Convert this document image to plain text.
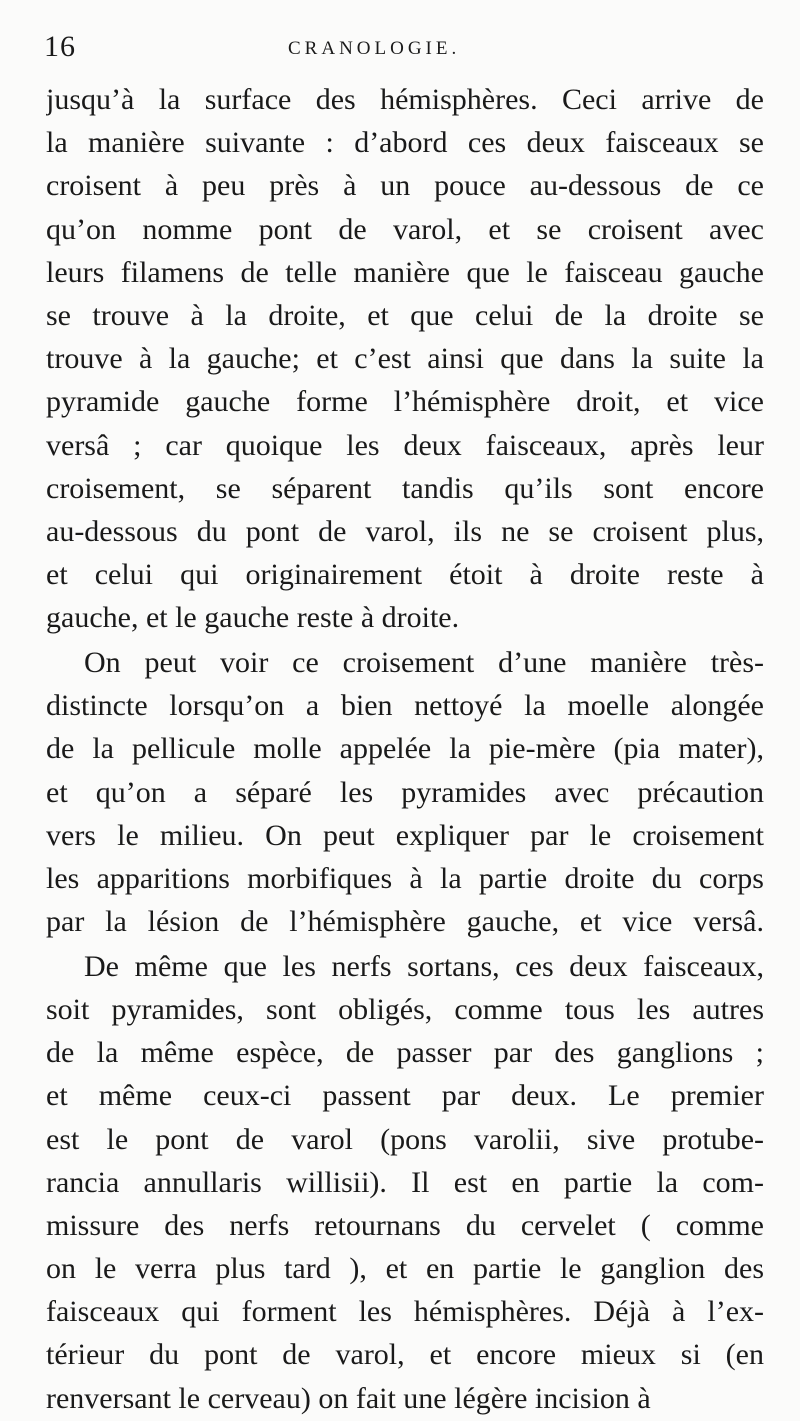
16	CRANOLOGIE.

jusqu’à la surface des hémisphères. Ceci arrive de
la manière suivante : d’abord ces deux faisceaux se
croisent à peu près à un pouce au-dessous de ce
qu’on nomme pont de varol, et se croisent avec
leurs filamens de telle manière que le faisceau gauche
se trouve à la droite, et que celui de la droite se
trouve à la gauche; et c’est ainsi que dans la suite la
pyramide gauche forme l’hémisphère droit, et vice
versâ ; car quoique les deux faisceaux, après leur
croisement, se séparent tandis qu’ils sont encore
au-dessous du pont de varol, ils ne se croisent plus,
et celui qui originairement étoit à droite reste à
gauche, et le gauche reste à droite.

On peut voir ce croisement d’une manière très-
distincte lorsqu’on a bien nettoyé la moelle alongée
de la pellicule molle appelée la pie-mère (pia mater),
et qu’on a séparé les pyramides avec précaution
vers le milieu. On peut expliquer par le croisement
les apparitions morbifiques à la partie droite du corps
par la lésion de l’hémisphère gauche, et vice versâ.

De même que les nerfs sortans, ces deux faisceaux,
soit pyramides, sont obligés, comme tous les autres
de la même espèce, de passer par des ganglions ;
et même ceux-ci passent par deux. Le premier
est le pont de varol (pons varolii, sive protube-
rancia annullaris willisii). Il est en partie la com-
missure des nerfs retournans du cervelet ( comme
on le verra plus tard ), et en partie le ganglion des
faisceaux qui forment les hémisphères. Déjà à l’ex-
térieur du pont de varol, et encore mieux si (en
renversant le cerveau) on fait une légère incision à
